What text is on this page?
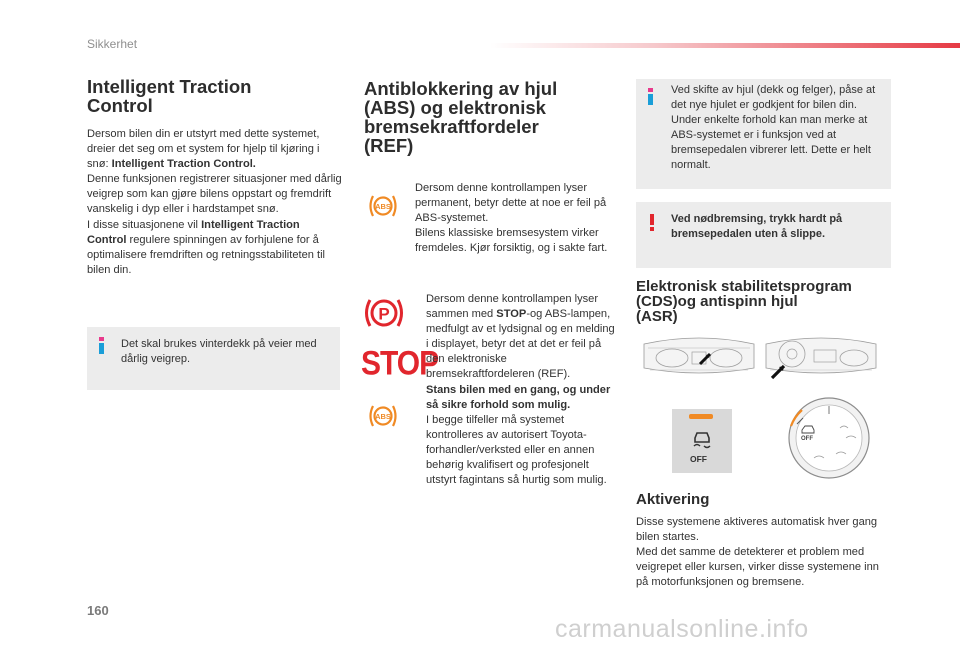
Sikkerhet
Intelligent Traction
Control
Dersom bilen din er utstyrt med dette systemet, dreier det seg om et system for hjelp til kjøring i snø: Intelligent Traction Control.
Denne funksjonen registrerer situasjoner med dårlig veigrep som kan gjøre bilens oppstart og fremdrift vanskelig i dyp eller i hardstampet snø.
I disse situasjonene vil Intelligent Traction Control regulere spinningen av forhjulene for å optimalisere fremdriften og retningsstabiliteten til bilen din.
Det skal brukes vinterdekk på veier med dårlig veigrep.
Antiblokkering av hjul
(ABS) og elektronisk
bremsekraftfordeler
(REF)
ABS
Dersom denne kontrollampen lyser permanent, betyr dette at noe er feil på ABS-systemet.
Bilens klassiske bremsesystem virker fremdeles. Kjør forsiktig, og i sakte fart.
P
STOP
ABS
Dersom denne kontrollampen lyser sammen med STOP-og ABS-lampen, medfulgt av et lydsignal og en melding i displayet, betyr det at det er feil på den elektroniske bremsekraftfordeleren (REF).
Stans bilen med en gang, og under så sikre forhold som mulig.
I begge tilfeller må systemet kontrolleres av autorisert Toyota-forhandler/verksted eller en annen behørig kvalifisert og profesjonelt utstyrt fagintans så hurtig som mulig.
Ved skifte av hjul (dekk og felger), påse at det nye hjulet er godkjent for bilen din. Under enkelte forhold kan man merke at ABS-systemet er i funksjon ved at bremsepedalen vibrerer lett. Dette er helt normalt.
Ved nødbremsing, trykk hardt på bremsepedalen uten å slippe.
Elektronisk stabilitetsprogram
(CDS)og antispinn hjul
(ASR)
OFF
OFF
Aktivering
Disse systemene aktiveres automatisk hver gang bilen startes.
Med det samme de detekterer et problem med veigrepet eller kursen, virker disse systemene inn på motorfunksjonen og bremsene.
160
carmanualsonline.info
